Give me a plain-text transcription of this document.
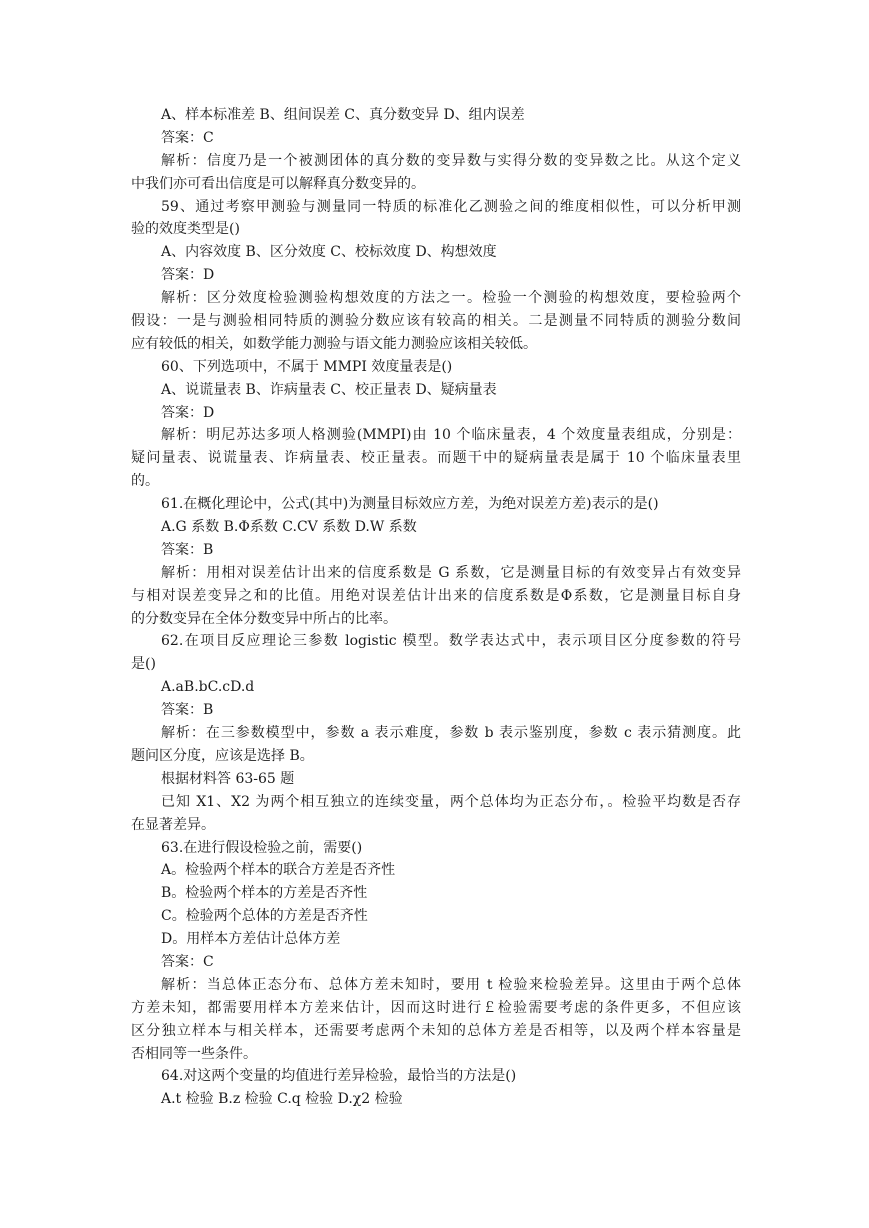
A、样本标准差 B、组间误差 C、真分数变异 D、组内误差
答案：C
解析：信度乃是一个被测团体的真分数的变异数与实得分数的变异数之比。从这个定义
中我们亦可看出信度是可以解释真分数变异的。
59、通过考察甲测验与测量同一特质的标准化乙测验之间的维度相似性，可以分析甲测
验的效度类型是()
A、内容效度 B、区分效度 C、校标效度 D、构想效度
答案：D
解析：区分效度检验测验构想效度的方法之一。检验一个测验的构想效度，要检验两个
假设：一是与测验相同特质的测验分数应该有较高的相关。二是测量不同特质的测验分数间
应有较低的相关，如数学能力测验与语文能力测验应该相关较低。
60、下列选项中，不属于 MMPI 效度量表是()
A、说谎量表 B、诈病量表 C、校正量表 D、疑病量表
答案：D
解析：明尼苏达多项人格测验(MMPI)由 10 个临床量表，4 个效度量表组成，分别是：
疑问量表、说谎量表、诈病量表、校正量表。而题干中的疑病量表是属于 10 个临床量表里
的。
61.在概化理论中，公式(其中)为测量目标效应方差，为绝对误差方差)表示的是()
A.G 系数 B.Φ系数 C.CV 系数 D.W 系数
答案：B
解析：用相对误差估计出来的信度系数是 G 系数，它是测量目标的有效变异占有效变异
与相对误差变异之和的比值。用绝对误差估计出来的信度系数是Φ系数，它是测量目标自身
的分数变异在全体分数变异中所占的比率。
62.在项目反应理论三参数 logistic 模型。数学表达式中，表示项目区分度参数的符号
是()
A.aB.bC.cD.d
答案：B
解析：在三参数模型中，参数 a 表示难度，参数 b 表示鉴别度，参数 c 表示猜测度。此
题问区分度，应该是选择 B。
根据材料答 63-65 题
已知 X1、X2 为两个相互独立的连续变量，两个总体均为正态分布，。检验平均数是否存
在显著差异。
63.在进行假设检验之前，需要()
A。检验两个样本的联合方差是否齐性
B。检验两个样本的方差是否齐性
C。检验两个总体的方差是否齐性
D。用样本方差估计总体方差
答案：C
解析：当总体正态分布、总体方差未知时，要用 t 检验来检验差异。这里由于两个总体
方差未知，都需要用样本方差来估计，因而这时进行￡检验需要考虑的条件更多，不但应该
区分独立样本与相关样本，还需要考虑两个未知的总体方差是否相等，以及两个样本容量是
否相同等一些条件。
64.对这两个变量的均值进行差异检验，最恰当的方法是()
A.t 检验 B.z 检验 C.q 检验 D.χ2 检验
